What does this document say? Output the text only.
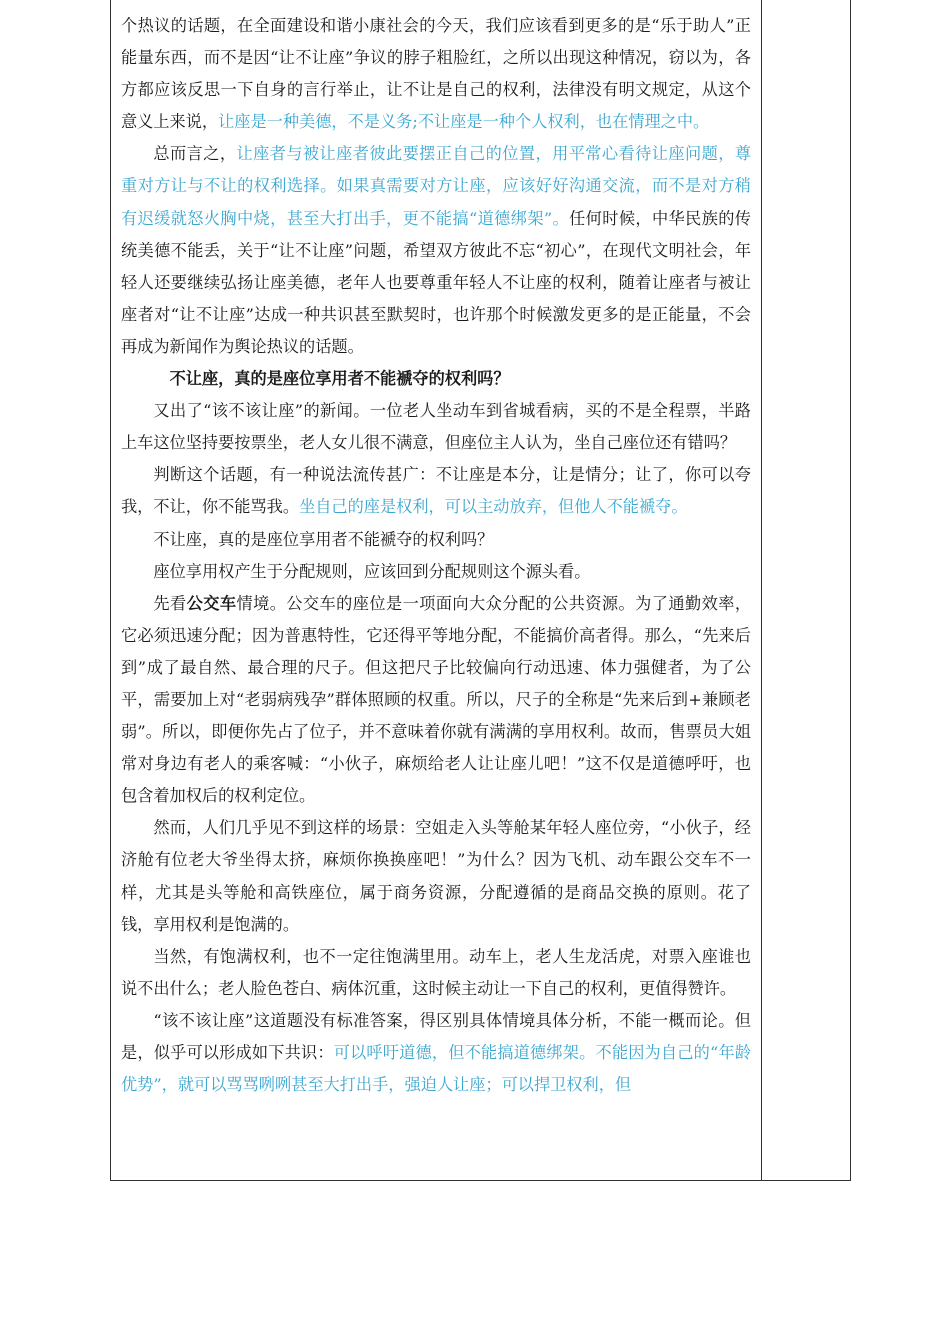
个热议的话题，在全面建设和谐小康社会的今天，我们应该看到更多的是“乐于助人”正能量东西，而不是因“让不让座”争议的脖子粗脸红，之所以出现这种情况，窃以为，各方都应该反思一下自身的言行举止，让不让是自己的权利，法律没有明文规定，从这个意义上来说，让座是一种美德，不是义务;不让座是一种个人权利，也在情理之中。

总而言之，让座者与被让座者彼此要摆正自己的位置，用平常心看待让座问题，尊重对方让与不让的权利选择。如果真需要对方让座，应该好好沟通交流，而不是对方稍有迟缓就怒火胸中烧，甚至大打出手，更不能搞“道德绑架”。任何时候，中华民族的传统美德不能丢，关于“让不让座”问题，希望双方彼此不忘“初心”，在现代文明社会，年轻人还要继续弘扬让座美德，老年人也要尊重年轻人不让座的权利，随着让座者与被让座者对“让不让座”达成一种共识甚至默契时，也许那个时候激发更多的是正能量，不会再成为新闻作为舆论热议的话题。

不让座，真的是座位享用者不能褫夺的权利吗？

又出了“该不该让座”的新闻。一位老人坐动车到省城看病，买的不是全程票，半路上车这位坚持要按票坐，老人女儿很不满意，但座位主人认为，坐自己座位还有错吗？

判断这个话题，有一种说法流传甚广：不让座是本分，让是情分；让了，你可以夸我，不让，你不能骂我。坐自己的座是权利，可以主动放弃，但他人不能褫夺。

不让座，真的是座位享用者不能褫夺的权利吗？

座位享用权产生于分配规则，应该回到分配规则这个源头看。

先看公交车情境。公交车的座位是一项面向大众分配的公共资源。为了通勤效率，它必须迅速分配；因为普惠特性，它还得平等地分配，不能搞价高者得。那么，“先来后到”成了最自然、最合理的尺子。但这把尺子比较偏向行动迅速、体力强健者，为了公平，需要加上对“老弱病残孕”群体照顾的权重。所以，尺子的全称是“先来后到+兼顾老弱”。所以，即便你先占了位子，并不意味着你就有满满的享用权利。故而，售票员大姐常对身边有老人的乘客喊：“小伙子，麻烦给老人让让座儿吧！”这不仅是道德呼吁，也包含着加权后的权利定位。

然而，人们几乎见不到这样的场景：空姐走入头等舱某年轻人座位旁，“小伙子，经济舱有位老大爷坐得太挤，麻烦你换换座吧！”为什么？因为飞机、动车跟公交车不一样，尤其是头等舱和高铁座位，属于商务资源，分配遵循的是商品交换的原则。花了钱，享用权利是饱满的。

当然，有饱满权利，也不一定往饱满里用。动车上，老人生龙活虎，对票入座谁也说不出什么；老人脸色苍白、病体沉重，这时候主动让一下自己的权利，更值得赞许。

“该不该让座”这道题没有标准答案，得区别具体情境具体分析，不能一概而论。但是，似乎可以形成如下共识：可以呼吁道德，但不能搞道德绑架。不能因为自己的“年龄优势”，就可以骂骂咧咧甚至大打出手，强迫人让座；可以捍卫权利，但
